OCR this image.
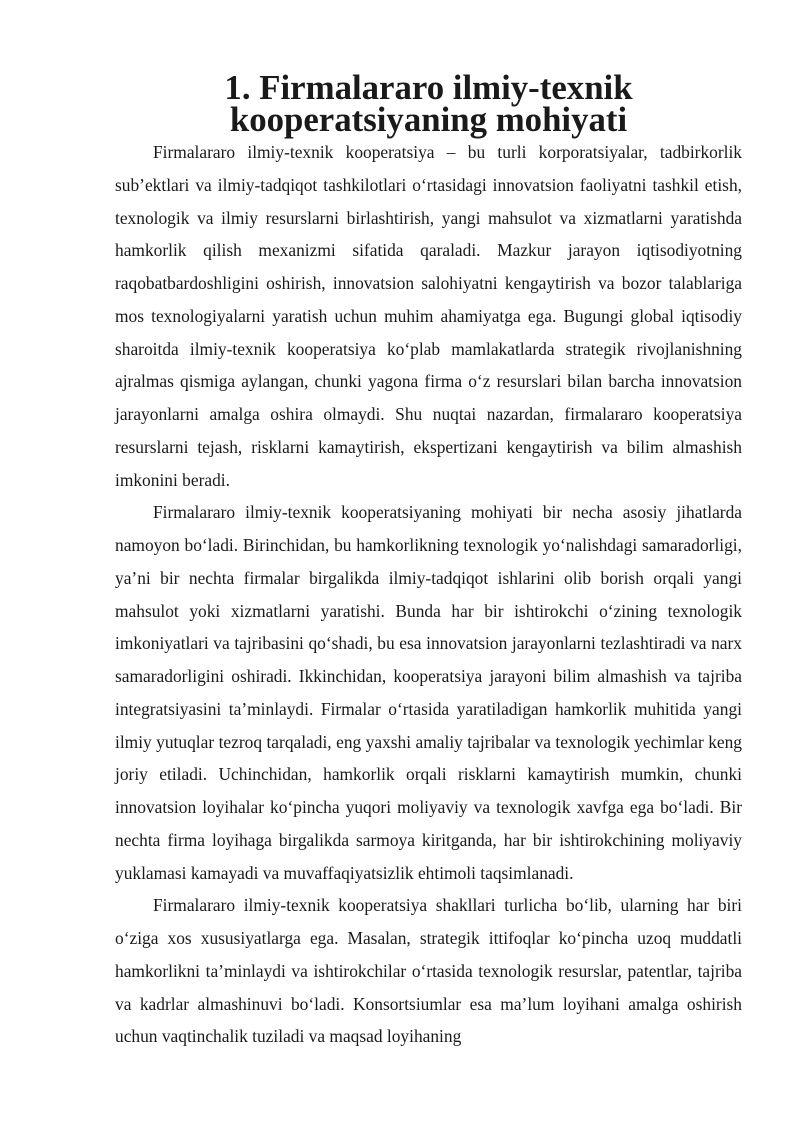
1. Firmalararo ilmiy-texnik kooperatsiyaning mohiyati

Firmalararo ilmiy-texnik kooperatsiya – bu turli korporatsiyalar, tadbirkorlik sub’ektlari va ilmiy-tadqiqot tashkilotlari o‘rtasidagi innovatsion faoliyatni tashkil etish, texnologik va ilmiy resurslarni birlashtirish, yangi mahsulot va xizmatlarni yaratishda hamkorlik qilish mexanizmi sifatida qaraladi. Mazkur jarayon iqtisodiyotning raqobatbardoshligini oshirish, innovatsion salohiyatni kengaytirish va bozor talablariga mos texnologiyalarni yaratish uchun muhim ahamiyatga ega. Bugungi global iqtisodiy sharoitda ilmiy-texnik kooperatsiya ko‘plab mamlakatlarda strategik rivojlanishning ajralmas qismiga aylangan, chunki yagona firma o‘z resurslari bilan barcha innovatsion jarayonlarni amalga oshira olmaydi. Shu nuqtai nazardan, firmalararo kooperatsiya resurslarni tejash, risklarni kamaytirish, ekspertizani kengaytirish va bilim almashish imkonini beradi.

Firmalararo ilmiy-texnik kooperatsiyaning mohiyati bir necha asosiy jihatlarda namoyon bo‘ladi. Birinchidan, bu hamkorlikning texnologik yo‘nalishdagi samaradorligi, ya’ni bir nechta firmalar birgalikda ilmiy-tadqiqot ishlarini olib borish orqali yangi mahsulot yoki xizmatlarni yaratishi. Bunda har bir ishtirokchi o‘zining texnologik imkoniyatlari va tajribasini qo‘shadi, bu esa innovatsion jarayonlarni tezlashtiradi va narx samaradorligini oshiradi. Ikkinchidan, kooperatsiya jarayoni bilim almashish va tajriba integratsiyasini ta’minlaydi. Firmalar o‘rtasida yaratiladigan hamkorlik muhitida yangi ilmiy yutuqlar tezroq tarqaladi, eng yaxshi amaliy tajribalar va texnologik yechimlar keng joriy etiladi. Uchinchidan, hamkorlik orqali risklarni kamaytirish mumkin, chunki innovatsion loyihalar ko‘pincha yuqori moliyaviy va texnologik xavfga ega bo‘ladi. Bir nechta firma loyihaga birgalikda sarmoya kiritganda, har bir ishtirokchining moliyaviy yuklamasi kamayadi va muvaffaqiyatsizlik ehtimoli taqsimlanadi.

Firmalararo ilmiy-texnik kooperatsiya shakllari turlicha bo‘lib, ularning har biri o‘ziga xos xususiyatlarga ega. Masalan, strategik ittifoqlar ko‘pincha uzoq muddatli hamkorlikni ta’minlaydi va ishtirokchilar o‘rtasida texnologik resurslar, patentlar, tajriba va kadrlar almashinuvi bo‘ladi. Konsortsiumlar esa ma’lum loyihani amalga oshirish uchun vaqtinchalik tuziladi va maqsad loyihaning
